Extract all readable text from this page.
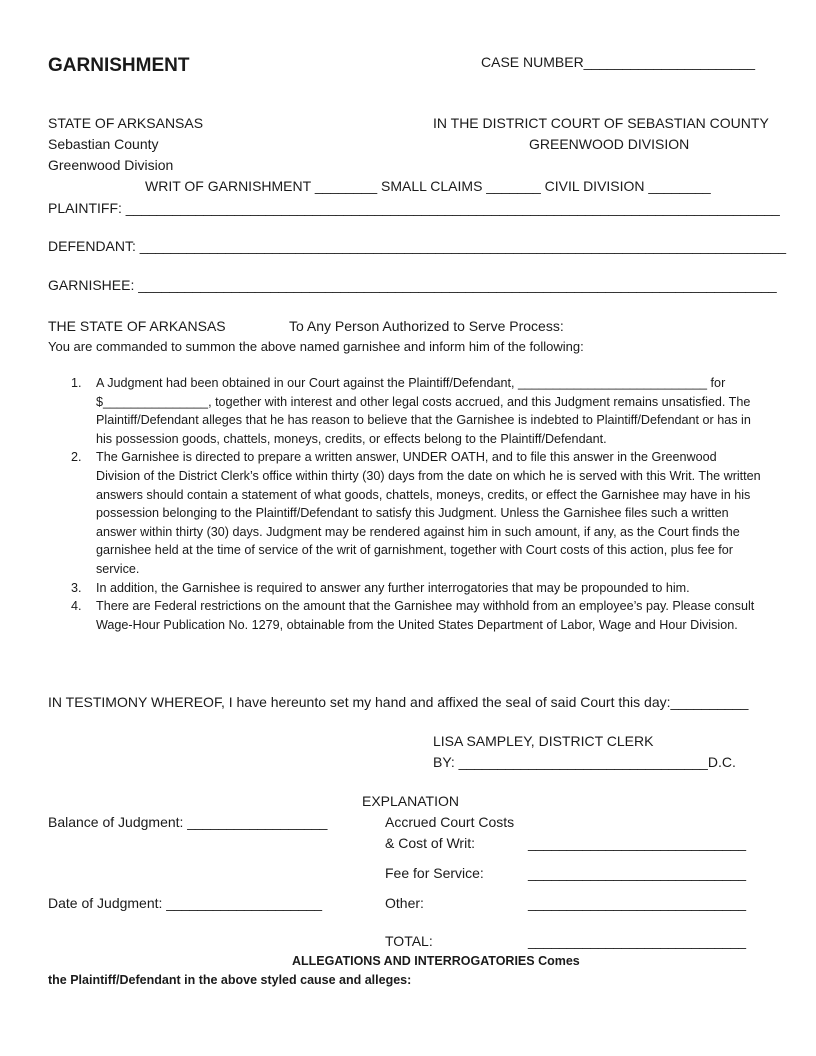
GARNISHMENT	CASE NUMBER______________________
STATE OF ARKSANSAS
Sebastian County
Greenwood Division
IN THE DISTRICT COURT OF SEBASTIAN COUNTY
GREENWOOD DIVISION
WRIT OF GARNISHMENT ________ SMALL CLAIMS _______ CIVIL DIVISION ________
PLAINTIFF: ____________________________________________________________________________________
DEFENDANT: ___________________________________________________________________________________
GARNISHEE: __________________________________________________________________________________
THE STATE OF ARKANSAS	To Any Person Authorized to Serve Process:
You are commanded to summon the above named garnishee and inform him of the following:
1. A Judgment had been obtained in our Court against the Plaintiff/Defendant, ___________________________ for $_______________, together with interest and other legal costs accrued, and this Judgment remains unsatisfied. The Plaintiff/Defendant alleges that he has reason to believe that the Garnishee is indebted to Plaintiff/Defendant or has in his possession goods, chattels, moneys, credits, or effects belong to the Plaintiff/Defendant.
2. The Garnishee is directed to prepare a written answer, UNDER OATH, and to file this answer in the Greenwood Division of the District Clerk’s office within thirty (30) days from the date on which he is served with this Writ. The written answers should contain a statement of what goods, chattels, moneys, credits, or effect the Garnishee may have in his possession belonging to the Plaintiff/Defendant to satisfy this Judgment. Unless the Garnishee files such a written answer within thirty (30) days. Judgment may be rendered against him in such amount, if any, as the Court finds the garnishee held at the time of service of the writ of garnishment, together with Court costs of this action, plus fee for service.
3. In addition, the Garnishee is required to answer any further interrogatories that may be propounded to him.
4. There are Federal restrictions on the amount that the Garnishee may withhold from an employee’s pay. Please consult Wage-Hour Publication No. 1279, obtainable from the United States Department of Labor, Wage and Hour Division.
IN TESTIMONY WHEREOF, I have hereunto set my hand and affixed the seal of said Court this day:__________
LISA SAMPLEY, DISTRICT CLERK
BY: ________________________________D.C.
EXPLANATION
Balance of Judgment: __________________	Accrued Court Costs
& Cost of Writ:	____________________________
Fee for Service:	____________________________
Date of Judgment: ____________________	Other:	____________________________
TOTAL:	____________________________
ALLEGATIONS AND INTERROGATORIES Comes
the Plaintiff/Defendant in the above styled cause and alleges:
